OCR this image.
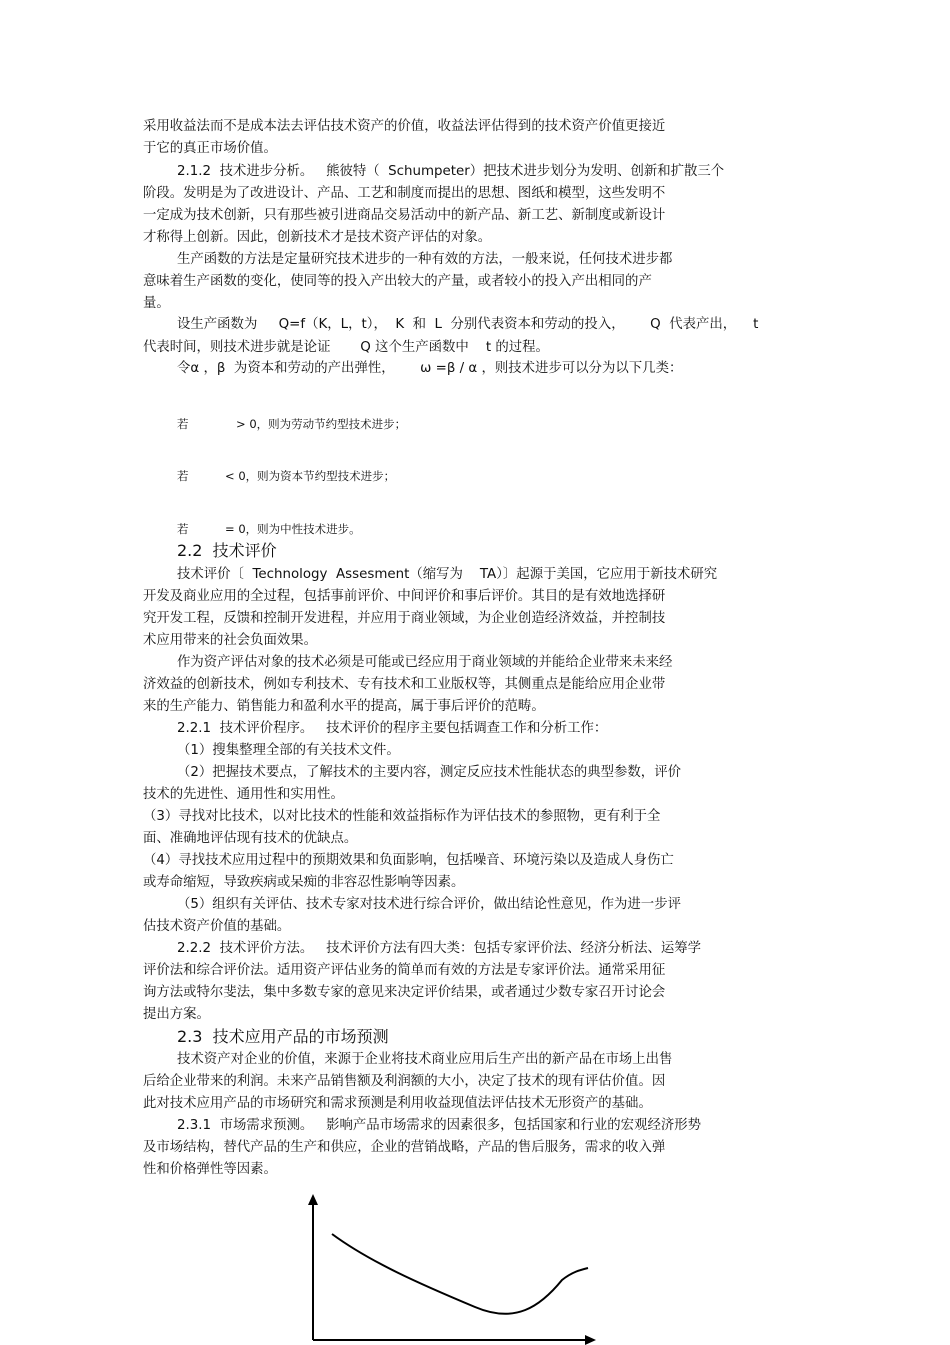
采用收益法而不是成本法去评估技术资产的价值，收益法评估得到的技术资产价值更接近
于它的真正市场价值。
2.1.2  技术进步分析。   熊彼特（  Schumpeter）把技术进步划分为发明、创新和扩散三个
阶段。发明是为了改进设计、产品、工艺和制度而提出的思想、图纸和模型，这些发明不
一定成为技术创新，只有那些被引进商品交易活动中的新产品、新工艺、新制度或新设计
才称得上创新。因此，创新技术才是技术资产评估的对象。
生产函数的方法是定量研究技术进步的一种有效的方法，一般来说，任何技术进步都
意味着生产函数的变化，使同等的投入产出较大的产量，或者较小的投入产出相同的产
量。
设生产函数为     Q=f（K，L，t），  K  和  L  分别代表资本和劳动的投入，      Q  代表产出，    t
代表时间，则技术进步就是论证       Q 这个生产函数中    t 的过程。
令α ，β  为资本和劳动的产出弹性，      ω =β / α ，则技术进步可以分为以下几类：
若             > 0，则为劳动节约型技术进步；
若          < 0，则为资本节约型技术进步；
若          = 0，则为中性技术进步。
2.2  技术评价
技术评价〔  Technology  Assesment（缩写为    TA）〕起源于美国，它应用于新技术研究
开发及商业应用的全过程，包括事前评价、中间评价和事后评价。其目的是有效地选择研
究开发工程，反馈和控制开发进程，并应用于商业领域，为企业创造经济效益，并控制技
术应用带来的社会负面效果。
作为资产评估对象的技术必须是可能或已经应用于商业领域的并能给企业带来未来经
济效益的创新技术，例如专利技术、专有技术和工业版权等，其侧重点是能给应用企业带
来的生产能力、销售能力和盈利水平的提高，属于事后评价的范畴。
2.2.1  技术评价程序。   技术评价的程序主要包括调查工作和分析工作：
（1）搜集整理全部的有关技术文件。
（2）把握技术要点，了解技术的主要内容，测定反应技术性能状态的典型参数，评价
技术的先进性、通用性和实用性。
（3）寻找对比技术，以对比技术的性能和效益指标作为评估技术的参照物，更有利于全
面、准确地评估现有技术的优缺点。
（4）寻找技术应用过程中的预期效果和负面影响，包括噪音、环境污染以及造成人身伤亡
或寿命缩短，导致疾病或呆痴的非容忍性影响等因素。
（5）组织有关评估、技术专家对技术进行综合评价，做出结论性意见，作为进一步评
估技术资产价值的基础。
2.2.2  技术评价方法。   技术评价方法有四大类：包括专家评价法、经济分析法、运筹学
评价法和综合评价法。适用资产评估业务的简单而有效的方法是专家评价法。通常采用征
询方法或特尔斐法，集中多数专家的意见来决定评价结果，或者通过少数专家召开讨论会
提出方案。
2.3  技术应用产品的市场预测
技术资产对企业的价值，来源于企业将技术商业应用后生产出的新产品在市场上出售
后给企业带来的利润。未来产品销售额及利润额的大小，决定了技术的现有评估价值。因
此对技术应用产品的市场研究和需求预测是利用收益现值法评估技术无形资产的基础。
2.3.1  市场需求预测。   影响产品市场需求的因素很多，包括国家和行业的宏观经济形势
及市场结构，替代产品的生产和供应，企业的营销战略，产品的售后服务，需求的收入弹
性和价格弹性等因素。
